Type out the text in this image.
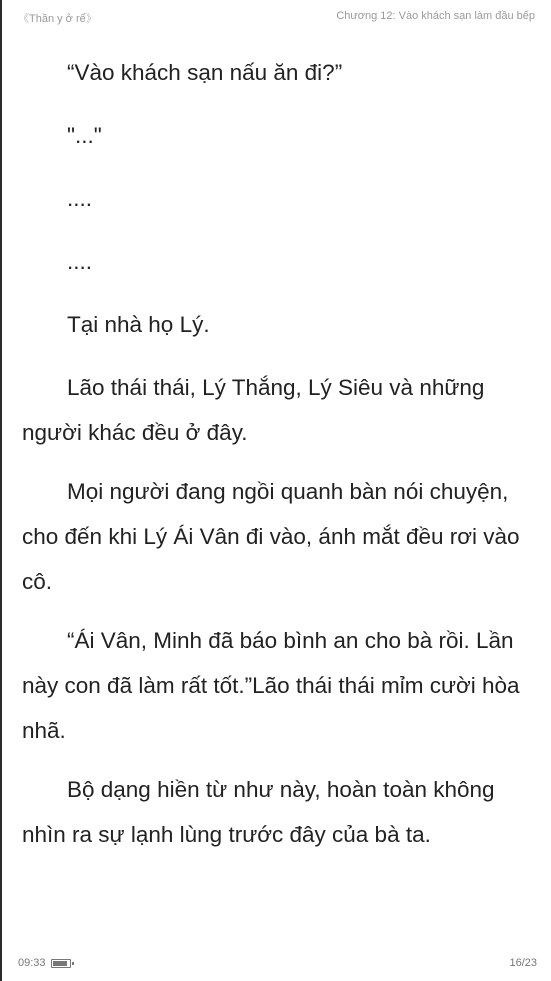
《Thần y ở rể》	Chương 12: Vào khách sạn làm đầu bếp

“Vào khách sạn nấu ăn đi?”

"..."

....

....

Tại nhà họ Lý.

Lão thái thái, Lý Thắng, Lý Siêu và những người khác đều ở đây.

Mọi người đang ngồi quanh bàn nói chuyện, cho đến khi Lý Ái Vân đi vào, ánh mắt đều rơi vào cô.

“Ái Vân, Minh đã báo bình an cho bà rồi. Lần này con đã làm rất tốt.”Lão thái thái mỉm cười hòa nhã.

Bộ dạng hiền từ như này, hoàn toàn không nhìn ra sự lạnh lùng trước đây của bà ta.

09:33	16/23
